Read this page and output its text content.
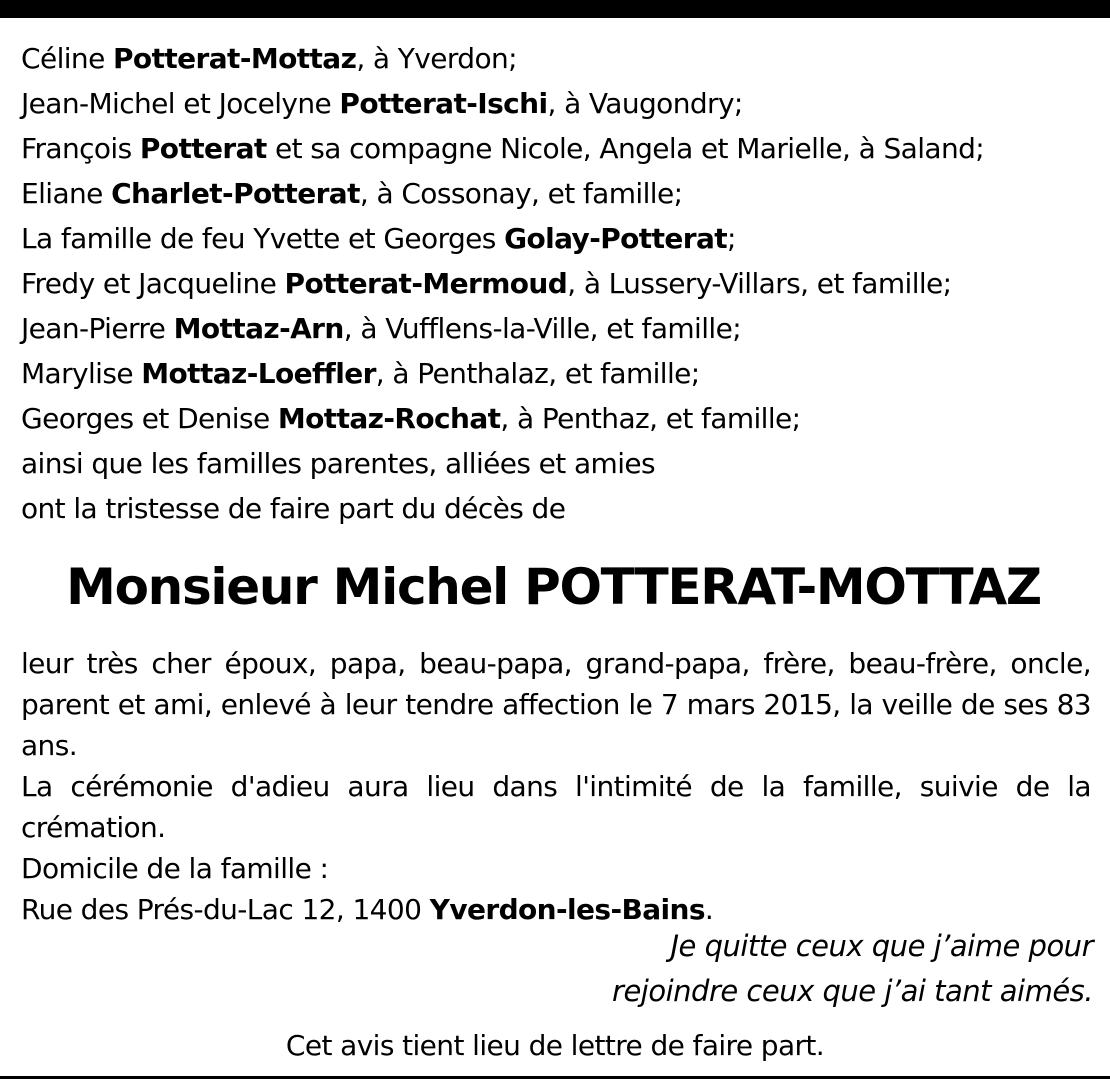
Céline Potterat-Mottaz, à Yverdon;
Jean-Michel et Jocelyne Potterat-Ischi, à Vaugondry;
François Potterat et sa compagne Nicole, Angela et Marielle, à Saland;
Eliane Charlet-Potterat, à Cossonay, et famille;
La famille de feu Yvette et Georges Golay-Potterat;
Fredy et Jacqueline Potterat-Mermoud, à Lussery-Villars, et famille;
Jean-Pierre Mottaz-Arn, à Vufflens-la-Ville, et famille;
Marylise Mottaz-Loeffler, à Penthalaz, et famille;
Georges et Denise Mottaz-Rochat, à Penthaz, et famille;
ainsi que les familles parentes, alliées et amies
ont la tristesse de faire part du décès de
Monsieur Michel POTTERAT-MOTTAZ

leur très cher époux, papa, beau-papa, grand-papa, frère, beau-frère, oncle, parent et ami, enlevé à leur tendre affection le 7 mars 2015, la veille de ses 83 ans.

La cérémonie d'adieu aura lieu dans l'intimité de la famille, suivie de la crémation.

Domicile de la famille :
Rue des Prés-du-Lac 12, 1400 Yverdon-les-Bains.
Je quitte ceux que j’aime pour
rejoindre ceux que j’ai tant aimés.
Cet avis tient lieu de lettre de faire part.
